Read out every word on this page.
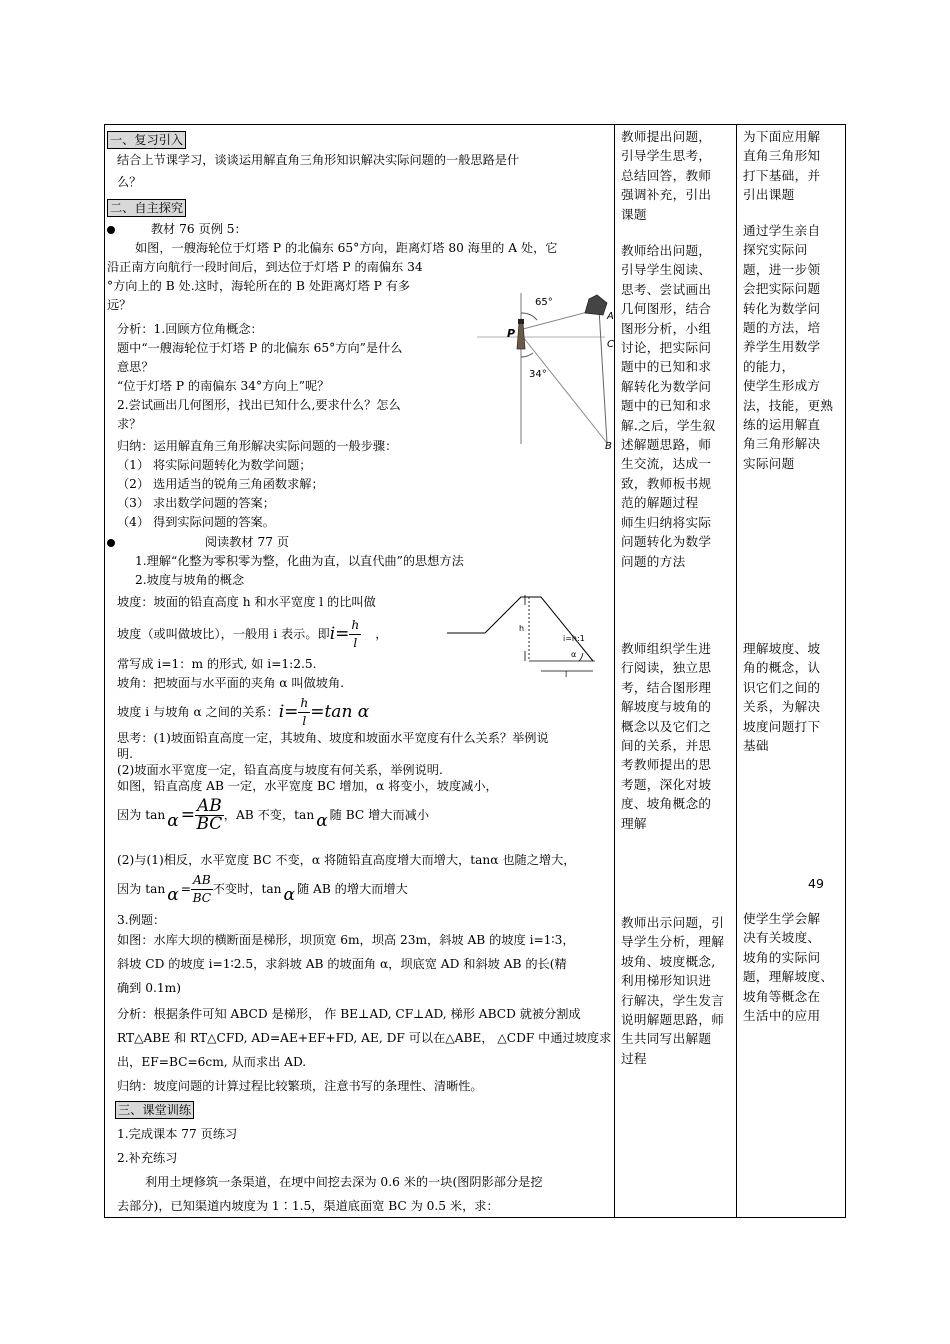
一、复习引入
结合上节课学习，谈谈运用解直角三角形知识解决实际问题的一般思路是什
么？
二、自主探究
教材 76 页例 5：
如图，一艘海轮位于灯塔 P 的北偏东 65°方向，距离灯塔 80 海里的 A 处，它
沿正南方向航行一段时间后，到达位于灯塔 P 的南偏东 34
°方向上的 B 处.这时，海轮所在的 B 处距离灯塔 P 有多
远？
分析：1.回顾方位角概念：
题中“一艘海轮位于灯塔 P 的北偏东 65°方向”是什么
意思？
“位于灯塔 P 的南偏东 34°方向上”呢？
2.尝试画出几何图形，找出已知什么,要求什么？怎么
求？
65°
34°
P
A
C
B
归纳：运用解直角三角形解决实际问题的一般步骤：
（1） 将实际问题转化为数学问题；
（2） 选用适当的锐角三角函数求解；
（3） 求出数学问题的答案；
（4） 得到实际问题的答案。
阅读教材 77 页
1.理解“化整为零积零为整，化曲为直，以直代曲”的思想方法
2.坡度与坡角的概念
坡度：坡面的铅直高度 h 和水平宽度 l 的比叫做
坡度（或叫做坡比），一般用 i 表示。即 $i = \frac{h}{l}$	，	i=h:1
h
l
α
常写成 i=1：m 的形式, 如 i=1:2.5.
坡角：把坡面与水平面的夹角 α 叫做坡角.
坡度 i 与坡角 α 之间的关系： $i = \frac{h}{l} =\tan$ α
思考：(1)坡面铅直高度一定，其坡角、坡度和坡面水平宽度有什么关系？举例说
明.
(2)坡面水平宽度一定，铅直高度与坡度有何关系，举例说明.
如图，铅直高度 AB 一定，水平宽度 BC 增加，α 将变小，坡度减小，
因为 $\tan \alpha = \frac{AB}{BC}$ ，AB 不变，tan α 随 BC 增大而减小
(2)与(1)相反，水平宽度 BC 不变，α 将随铅直高度增大而增大，tanα 也随之增大，
因为 $\tan \alpha = \frac{AB}{BC}$ 不变时，tan α 随 AB 的增大而增大
3.例题：
如图：水库大坝的横断面是梯形，坝顶宽 6m，坝高 23m，斜坡 AB 的坡度 i=1∶3，
斜坡 CD 的坡度 i=1∶2.5，求斜坡 AB 的坡面角 α，坝底宽 AD 和斜坡 AB 的长(精
确到 0.1m)
分析：根据条件可知 ABCD 是梯形， 作 BE⊥AD, CF⊥AD, 梯形 ABCD 就被分割成
RT△ABE 和 RT△CFD, AD=AE+EF+FD, AE, DF 可以在△ABE， △CDF 中通过坡度求
出，EF=BC=6cm, 从而求出 AD.
归纳：坡度问题的计算过程比较繁琐，注意书写的条理性、清晰性。
三、课堂训练
1.完成课本 77 页练习
2.补充练习
利用土埂修筑一条渠道，在埂中间挖去深为 0.6 米的一块(图阴影部分是挖
去部分)，已知渠道内坡度为 1∶1.5，渠道底面宽 BC 为 0.5 米，求：
教师提出问题，
引导学生思考，
总结回答，教师
强调补充，引出
课题
教师给出问题，
引导学生阅读、
思考、尝试画出
几何图形，结合
图形分析，小组
讨论，把实际问
题中的已知和求
解转化为数学问
题中的已知和求
解.之后，学生叙
述解题思路，师
生交流，达成一
致，教师板书规
范的解题过程
师生归纳将实际
问题转化为数学
问题的方法
教师组织学生进
行阅读，独立思
考，结合图形理
解坡度与坡角的
概念以及它们之
间的关系，并思
考教师提出的思
考题，深化对坡
度、坡角概念的
理解
教师出示问题，引
导学生分析，理解
坡角、坡度概念,
利用梯形知识进
行解决，学生发言
说明解题思路，师
生共同写出解题
过程
为下面应用解
直角三角形知
打下基础，并
引出课题
通过学生亲自
探究实际问
题，进一步领
会把实际问题
转化为数学问
题的方法，培
养学生用数学
的能力，
使学生形成方
法，技能，更熟
练的运用解直
角三角形解决
实际问题
理解坡度、坡
角的概念，认
识它们之间的
关系，为解决
坡度问题打下
基础
使学生学会解
决有关坡度、
坡角的实际问
题，理解坡度、
坡角等概念在
生活中的应用
49
